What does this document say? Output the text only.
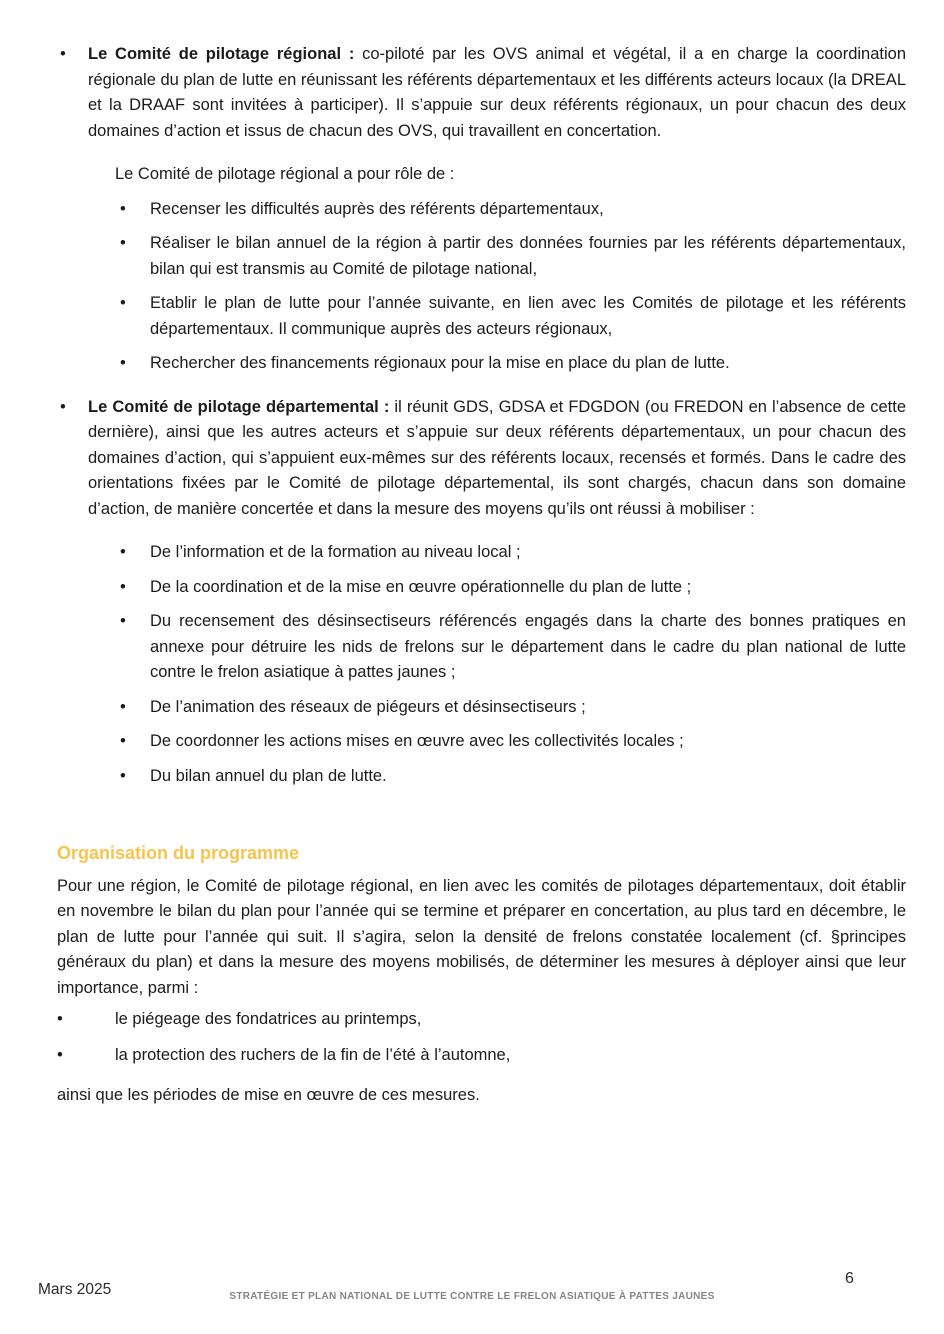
• Le Comité de pilotage régional : co-piloté par les OVS animal et végétal, il a en charge la coordination régionale du plan de lutte en réunissant les référents départementaux et les différents acteurs locaux (la DREAL et la DRAAF sont invitées à participer). Il s’appuie sur deux référents régionaux, un pour chacun des deux domaines d’action et issus de chacun des OVS, qui travaillent en concertation.

Le Comité de pilotage régional a pour rôle de :

• Recenser les difficultés auprès des référents départementaux,
• Réaliser le bilan annuel de la région à partir des données fournies par les référents départementaux, bilan qui est transmis au Comité de pilotage national,
• Etablir le plan de lutte pour l’année suivante, en lien avec les Comités de pilotage et les référents départementaux. Il communique auprès des acteurs régionaux,
• Rechercher des financements régionaux pour la mise en place du plan de lutte.
• Le Comité de pilotage départemental : il réunit GDS, GDSA et FDGDON (ou FREDON en l’absence de cette dernière), ainsi que les autres acteurs et s’appuie sur deux référents départementaux, un pour chacun des domaines d’action, qui s’appuient eux-mêmes sur des référents locaux, recensés et formés. Dans le cadre des orientations fixées par le Comité de pilotage départemental, ils sont chargés, chacun dans son domaine d’action, de manière concertée et dans la mesure des moyens qu’ils ont réussi à mobiliser :
• De l’information et de la formation au niveau local ;
• De la coordination et de la mise en œuvre opérationnelle du plan de lutte ;
• Du recensement des désinsectiseurs référencés engagés dans la charte des bonnes pratiques en annexe pour détruire les nids de frelons sur le département dans le cadre du plan national de lutte contre le frelon asiatique à pattes jaunes ;
• De l’animation des réseaux de piégeurs et désinsectiseurs ;
• De coordonner les actions mises en œuvre avec les collectivités locales ;
• Du bilan annuel du plan de lutte.
Organisation du programme

Pour une région, le Comité de pilotage régional, en lien avec les comités de pilotages départementaux, doit établir en novembre le bilan du plan pour l’année qui se termine et préparer en concertation, au plus tard en décembre, le plan de lutte pour l’année qui suit. Il s’agira, selon la densité de frelons constatée localement (cf. §principes généraux du plan) et dans la mesure des moyens mobilisés, de déterminer les mesures à déployer ainsi que leur importance, parmi :

•	le piégeage des fondatrices au printemps,
•	la protection des ruchers de la fin de l’été à l’automne,

ainsi que les périodes de mise en œuvre de ces mesures.

Mars 2025	STRATÉGIE ET PLAN NATIONAL DE LUTTE CONTRE LE FRELON ASIATIQUE À PATTES JAUNES
6
